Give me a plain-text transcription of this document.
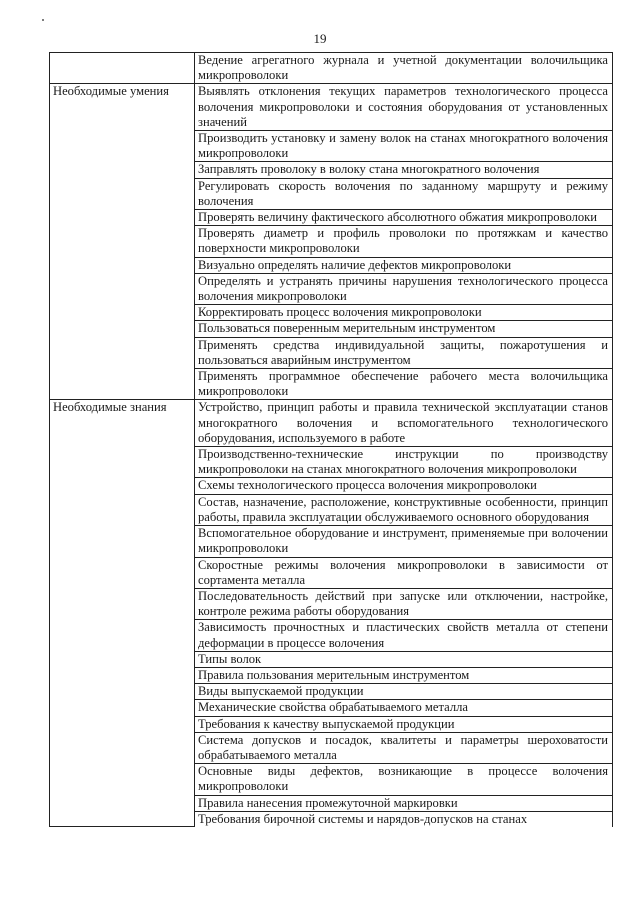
19
	Ведение агрегатного журнала и учетной документации волочильщика микропроволоки
Необходимые умения	Выявлять отклонения текущих параметров технологического процесса волочения микропроволоки и состояния оборудования от установленных значений
	Производить установку и замену волок на станах многократного волочения микропроволоки
	Заправлять проволоку в волоку стана многократного волочения
	Регулировать скорость волочения по заданному маршруту и режиму волочения
	Проверять величину фактического абсолютного обжатия микропроволоки
	Проверять диаметр и профиль проволоки по протяжкам и качество поверхности микропроволоки
	Визуально определять наличие дефектов микропроволоки
	Определять и устранять причины нарушения технологического процесса волочения микропроволоки
	Корректировать процесс волочения микропроволоки
	Пользоваться поверенным мерительным инструментом
	Применять средства индивидуальной защиты, пожаротушения и пользоваться аварийным инструментом
	Применять программное обеспечение рабочего места волочильщика микропроволоки
Необходимые знания	Устройство, принцип работы и правила технической эксплуатации станов многократного волочения и вспомогательного технологического оборудования, используемого в работе
	Производственно-технические инструкции по производству микропроволоки на станах многократного волочения микропроволоки
	Схемы технологического процесса волочения микропроволоки
	Состав, назначение, расположение, конструктивные особенности, принцип работы, правила эксплуатации обслуживаемого основного оборудования
	Вспомогательное оборудование и инструмент, применяемые при волочении микропроволоки
	Скоростные режимы волочения микропроволоки в зависимости от сортамента металла
	Последовательность действий при запуске или отключении, настройке, контроле режима работы оборудования
	Зависимость прочностных и пластических свойств металла от степени деформации в процессе волочения
	Типы волок
	Правила пользования мерительным инструментом
	Виды выпускаемой продукции
	Механические свойства обрабатываемого металла
	Требования к качеству выпускаемой продукции
	Система допусков и посадок, квалитеты и параметры шероховатости обрабатываемого металла
	Основные виды дефектов, возникающие в процессе волочения микропроволоки
	Правила нанесения промежуточной маркировки
	Требования бирочной системы и нарядов-допусков на станах
